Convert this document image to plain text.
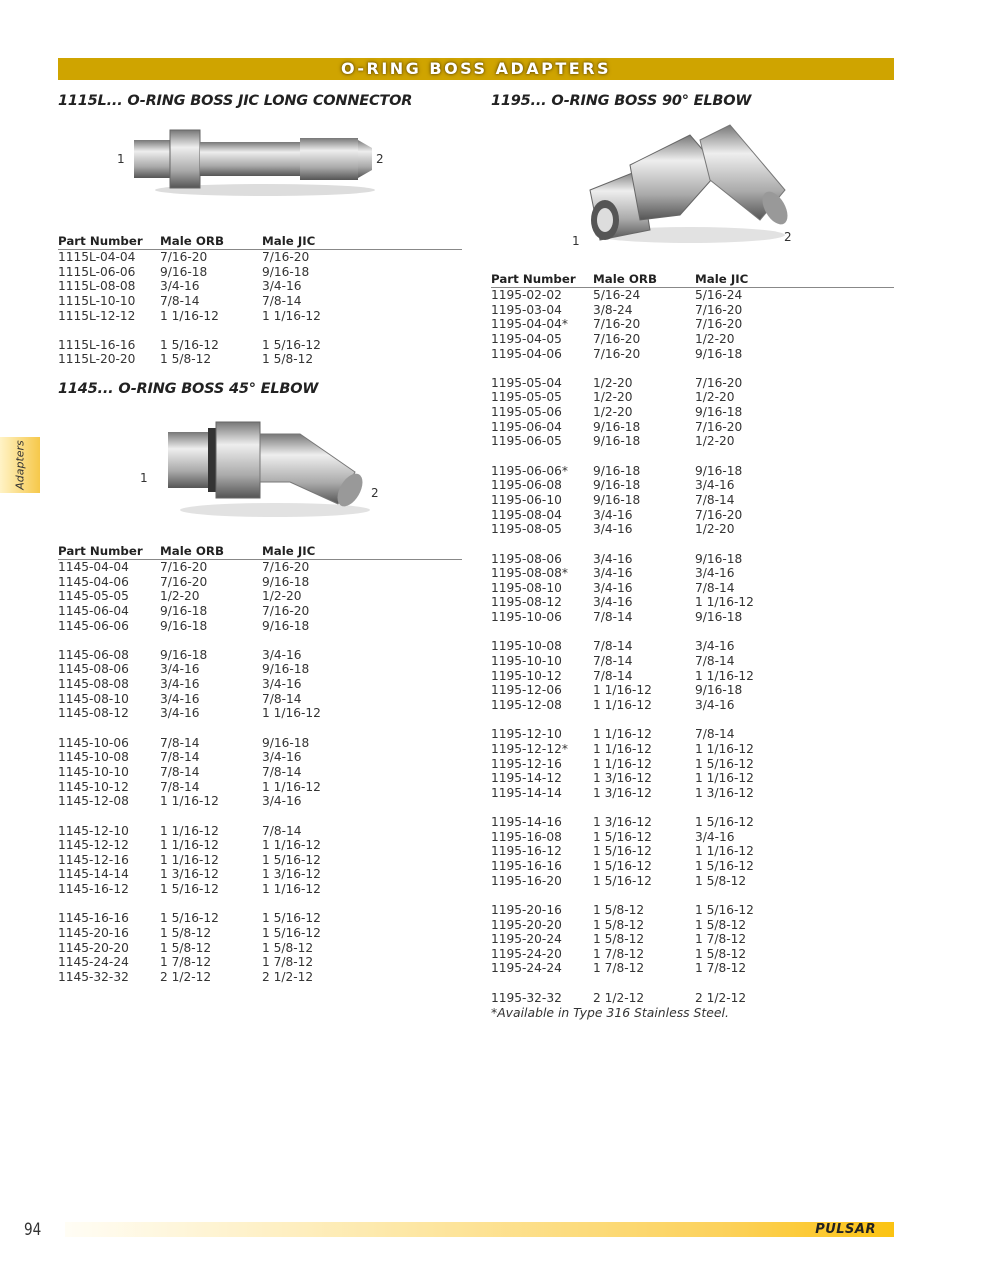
O-RING BOSS ADAPTERS
Adapters
1115L... O-RING BOSS JIC LONG CONNECTOR
1	2
Part Number	Male ORB	Male JIC
1115L-04-04	7/16-20	7/16-20
1115L-06-06	9/16-18	9/16-18
1115L-08-08	3/4-16	3/4-16
1115L-10-10	7/8-14	7/8-14
1115L-12-12	1 1/16-12	1 1/16-12
1115L-16-16	1 5/16-12	1 5/16-12
1115L-20-20	1 5/8-12	1 5/8-12
1145... O-RING BOSS 45° ELBOW
1
2
Part Number	Male ORB	Male JIC
1145-04-04	7/16-20	7/16-20
1145-04-06	7/16-20	9/16-18
1145-05-05	1/2-20	1/2-20
1145-06-04	9/16-18	7/16-20
1145-06-06	9/16-18	9/16-18
1145-06-08	9/16-18	3/4-16
1145-08-06	3/4-16	9/16-18
1145-08-08	3/4-16	3/4-16
1145-08-10	3/4-16	7/8-14
1145-08-12	3/4-16	1 1/16-12
1145-10-06	7/8-14	9/16-18
1145-10-08	7/8-14	3/4-16
1145-10-10	7/8-14	7/8-14
1145-10-12	7/8-14	1 1/16-12
1145-12-08	1 1/16-12	3/4-16
1145-12-10	1 1/16-12	7/8-14
1145-12-12	1 1/16-12	1 1/16-12
1145-12-16	1 1/16-12	1 5/16-12
1145-14-14	1 3/16-12	1 3/16-12
1145-16-12	1 5/16-12	1 1/16-12
1145-16-16	1 5/16-12	1 5/16-12
1145-20-16	1 5/8-12	1 5/16-12
1145-20-20	1 5/8-12	1 5/8-12
1145-24-24	1 7/8-12	1 7/8-12
1145-32-32	2 1/2-12	2 1/2-12
1195... O-RING BOSS 90° ELBOW
1	2
Part Number	Male ORB	Male JIC
1195-02-02	5/16-24	5/16-24
1195-03-04	3/8-24	7/16-20
1195-04-04*	7/16-20	7/16-20
1195-04-05	7/16-20	1/2-20
1195-04-06	7/16-20	9/16-18
1195-05-04	1/2-20	7/16-20
1195-05-05	1/2-20	1/2-20
1195-05-06	1/2-20	9/16-18
1195-06-04	9/16-18	7/16-20
1195-06-05	9/16-18	1/2-20
1195-06-06*	9/16-18	9/16-18
1195-06-08	9/16-18	3/4-16
1195-06-10	9/16-18	7/8-14
1195-08-04	3/4-16	7/16-20
1195-08-05	3/4-16	1/2-20
1195-08-06	3/4-16	9/16-18
1195-08-08*	3/4-16	3/4-16
1195-08-10	3/4-16	7/8-14
1195-08-12	3/4-16	1 1/16-12
1195-10-06	7/8-14	9/16-18
1195-10-08	7/8-14	3/4-16
1195-10-10	7/8-14	7/8-14
1195-10-12	7/8-14	1 1/16-12
1195-12-06	1 1/16-12	9/16-18
1195-12-08	1 1/16-12	3/4-16
1195-12-10	1 1/16-12	7/8-14
1195-12-12*	1 1/16-12	1 1/16-12
1195-12-16	1 1/16-12	1 5/16-12
1195-14-12	1 3/16-12	1 1/16-12
1195-14-14	1 3/16-12	1 3/16-12
1195-14-16	1 3/16-12	1 5/16-12
1195-16-08	1 5/16-12	3/4-16
1195-16-12	1 5/16-12	1 1/16-12
1195-16-16	1 5/16-12	1 5/16-12
1195-16-20	1 5/16-12	1 5/8-12
1195-20-16	1 5/8-12	1 5/16-12
1195-20-20	1 5/8-12	1 5/8-12
1195-20-24	1 5/8-12	1 7/8-12
1195-24-20	1 7/8-12	1 5/8-12
1195-24-24	1 7/8-12	1 7/8-12
1195-32-32	2 1/2-12	2 1/2-12
*Available in Type 316 Stainless Steel.
94	PULSAR
